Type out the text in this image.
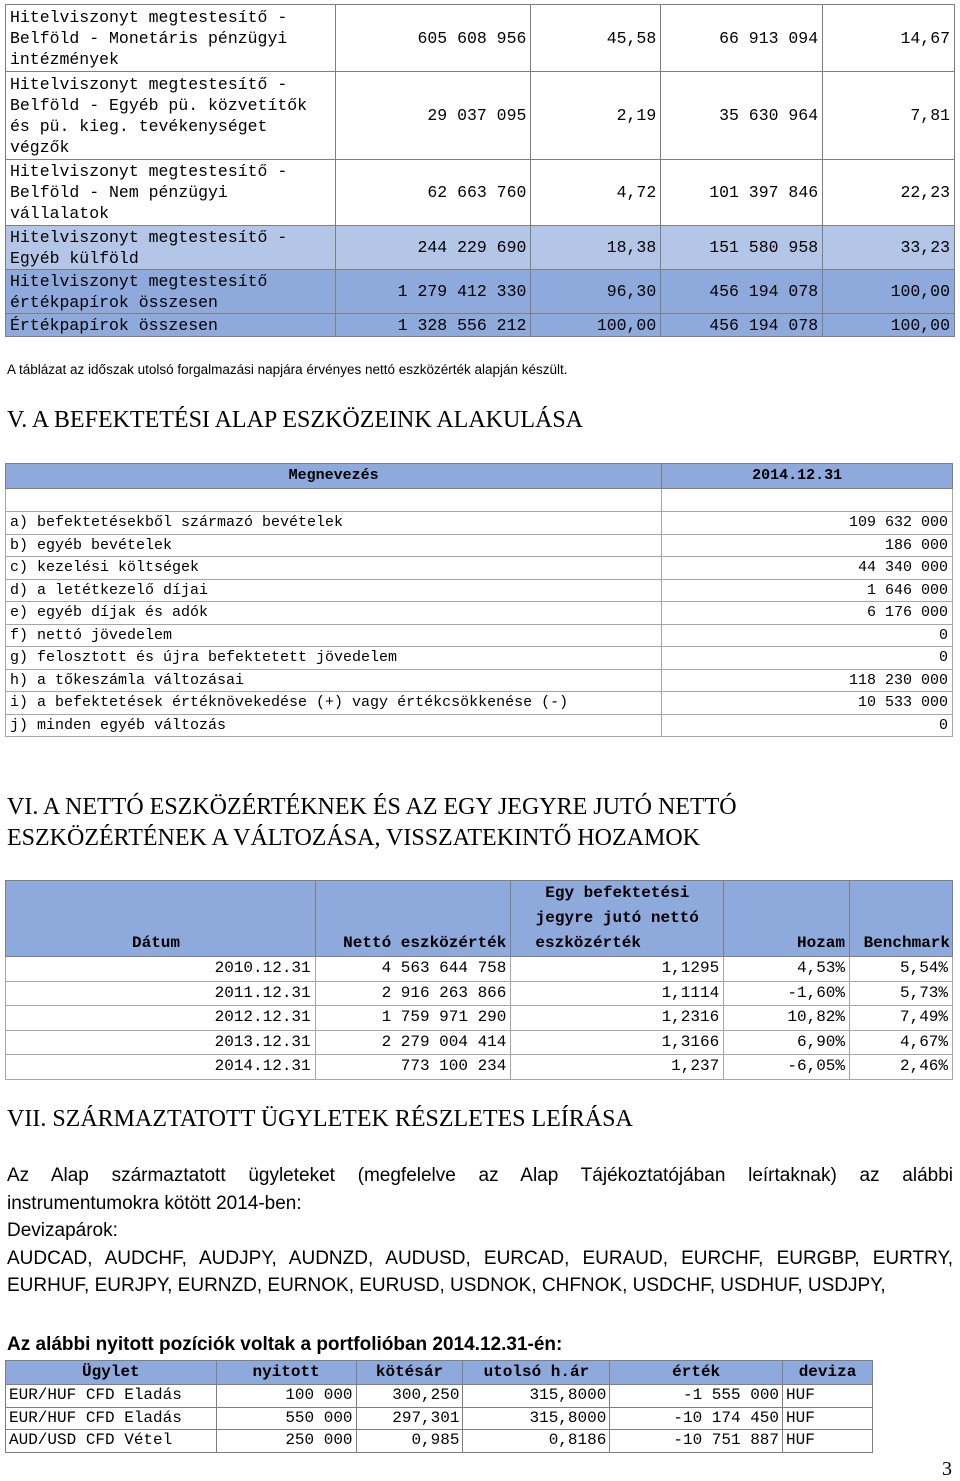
Hitelviszonyt megtestesítő - Belföld - Monetáris pénzügyi intézmények	605 608 956	45,58	66 913 094	14,67
Hitelviszonyt megtestesítő - Belföld - Egyéb pü. közvetítők és pü. kieg. tevékenységet végzők	29 037 095	2,19	35 630 964	7,81
Hitelviszonyt megtestesítő - Belföld - Nem pénzügyi vállalatok	62 663 760	4,72	101 397 846	22,23
Hitelviszonyt megtestesítő - Egyéb külföld	244 229 690	18,38	151 580 958	33,23
Hitelviszonyt megtestesítő értékpapírok összesen	1 279 412 330	96,30	456 194 078	100,00
Értékpapírok összesen	1 328 556 212	100,00	456 194 078	100,00
A táblázat az időszak utolsó forgalmazási napjára érvényes nettó eszközérték alapján készült.
V. A BEFEKTETÉSI ALAP ESZKÖZEINK ALAKULÁSA
Megnevezés	2014.12.31

a) befektetésekből származó bevételek	109 632 000
b) egyéb bevételek	186 000
c) kezelési költségek	44 340 000
d) a letétkezelő díjai	1 646 000
e) egyéb díjak és adók	6 176 000
f) nettó jövedelem	0
g) felosztott és újra befektetett jövedelem	0
h) a tőkeszámla változásai	118 230 000
i) a befektetések értéknövekedése (+) vagy értékcsökkenése (-)	10 533 000
j) minden egyéb változás	0
VI. A NETTÓ ESZKÖZÉRTÉKNEK ÉS AZ EGY JEGYRE JUTÓ NETTÓ
ESZKÖZÉRTÉNEK A VÁLTOZÁSA, VISSZATEKINTŐ HOZAMOK
Dátum	Nettó eszközérték	Egy befektetési
jegyre jutó nettó
eszközérték	Hozam	Benchmark
2010.12.31	4 563 644 758	1,1295	4,53%	5,54%
2011.12.31	2 916 263 866	1,1114	-1,60%	5,73%
2012.12.31	1 759 971 290	1,2316	10,82%	7,49%
2013.12.31	2 279 004 414	1,3166	6,90%	4,67%
2014.12.31	773 100 234	1,237	-6,05%	2,46%
VII. SZÁRMAZTATOTT ÜGYLETEK RÉSZLETES LEÍRÁSA
Az Alap származtatott ügyleteket (megfelelve az Alap Tájékoztatójában leírtaknak) az alábbi
instrumentumokra kötött 2014-ben:
Devizapárok:
AUDCAD, AUDCHF, AUDJPY, AUDNZD, AUDUSD, EURCAD, EURAUD, EURCHF, EURGBP, EURTRY,
EURHUF, EURJPY, EURNZD, EURNOK, EURUSD, USDNOK, CHFNOK, USDCHF, USDHUF, USDJPY,
Az alábbi nyitott pozíciók voltak a portfolióban 2014.12.31-én:
Ügylet	nyitott	kötésár	utolsó h.ár	érték	deviza
EUR/HUF CFD Eladás	100 000	300,250	315,8000	-1 555 000	HUF
EUR/HUF CFD Eladás	550 000	297,301	315,8000	-10 174 450	HUF
AUD/USD CFD Vétel	250 000	0,985	0,8186	-10 751 887	HUF
3
